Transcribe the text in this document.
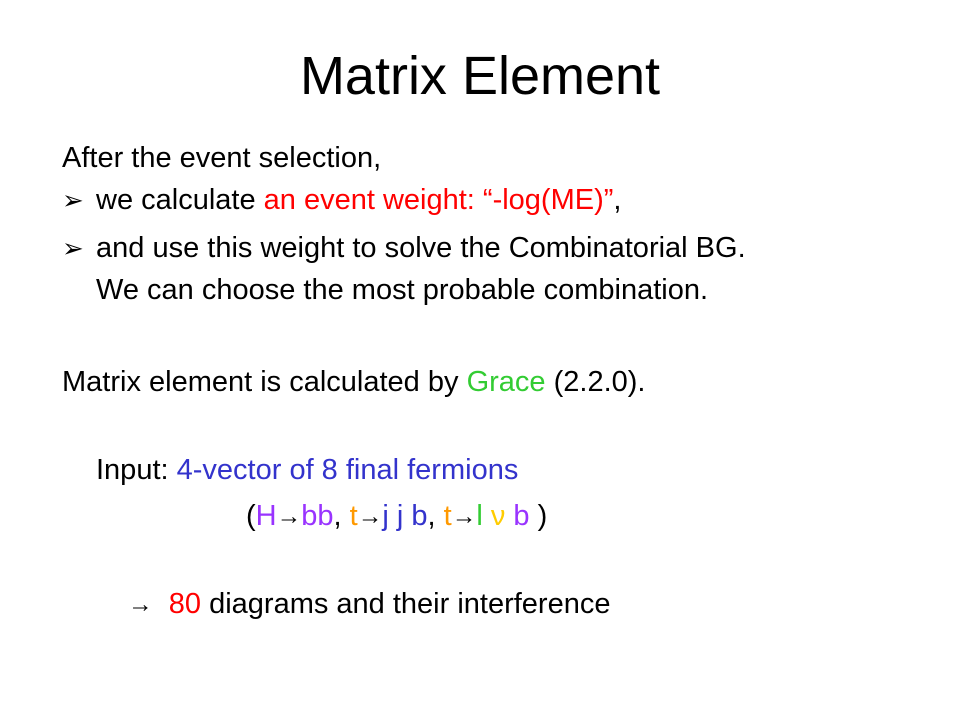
Matrix Element
After the event selection,
➢ we calculate an event weight: “-log(ME)”,
➢ and use this weight to solve the Combinatorial BG.
We can choose the most probable combination.
Matrix element is calculated by Grace (2.2.0).
Input: 4-vector of 8 final fermions
(H→bb, t→j j b, t→l ν b )
→ 80 diagrams and their interference
